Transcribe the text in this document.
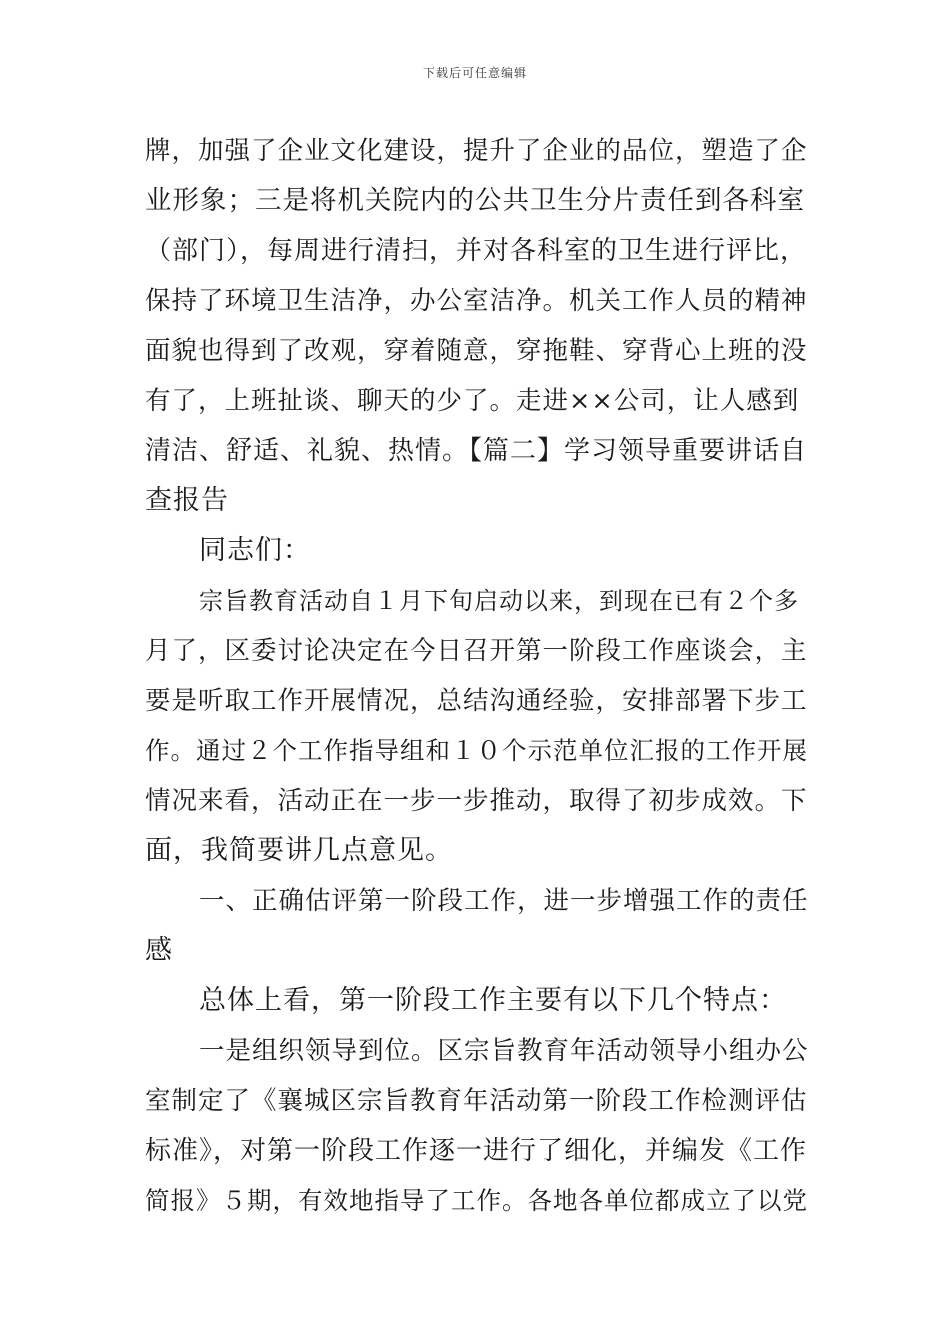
下载后可任意编辑
牌，加强了企业文化建设，提升了企业的品位，塑造了企
业形象；三是将机关院内的公共卫生分片责任到各科室
（部门），每周进行清扫，并对各科室的卫生进行评比，
保持了环境卫生洁净，办公室洁净。机关工作人员的精神
面貌也得到了改观，穿着随意，穿拖鞋、穿背心上班的没
有了，上班扯谈、聊天的少了。走进××公司，让人感到
清洁、舒适、礼貌、热情。【篇二】学习领导重要讲话自
查报告
同志们：
宗旨教育活动自１月下旬启动以来，到现在已有２个多
月了，区委讨论决定在今日召开第一阶段工作座谈会，主
要是听取工作开展情况，总结沟通经验，安排部署下步工
作。通过２个工作指导组和１０个示范单位汇报的工作开展
情况来看，活动正在一步一步推动，取得了初步成效。下
面，我简要讲几点意见。
一、正确估评第一阶段工作，进一步增强工作的责任
感
总体上看，第一阶段工作主要有以下几个特点：
一是组织领导到位。区宗旨教育年活动领导小组办公
室制定了《襄城区宗旨教育年活动第一阶段工作检测评估
标准》，对第一阶段工作逐一进行了细化，并编发《工作
简报》５期，有效地指导了工作。各地各单位都成立了以党
